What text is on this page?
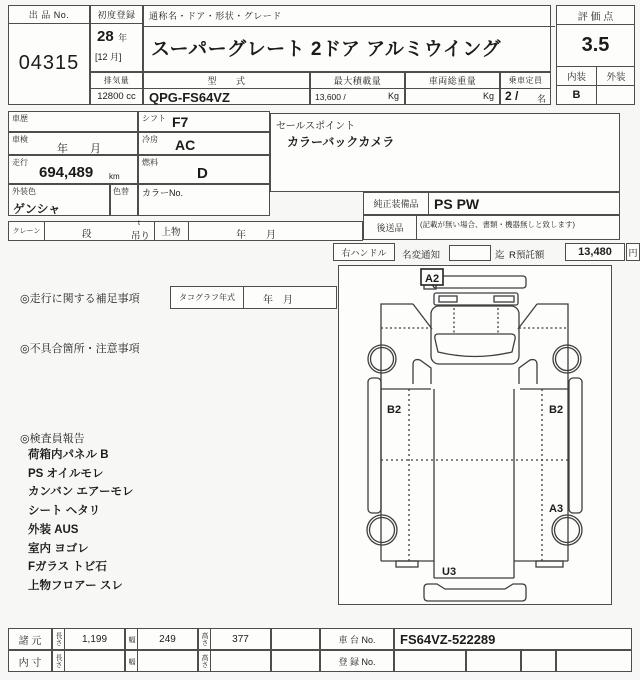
出 品 No.
04315
初度登録
28 年
[12 月]
通称名・ドア・形状・グレード
スーパーグレート 2ドア アルミウイング
排気量
12800 cc
型　　式
QPG-FS64VZ
最大積載量
13,600 /	Kg
車両総重量
Kg
乗車定員
2 / 名
評 価 点
3.5
内装	外装
B
車歴	シフト F7
車検
年　　月
冷房 AC
走行
694,489 km
燃料
D
外装色
ゲンシャ
色替 カラーNo.
クレーン	段
t
吊り	上物	年　　月
セールスポイント
カラーバックカメラ
純正装備品	PS PW
後送品	(記載が無い場合、書類・機器無しと致します)
右ハンドル	名変通知	迄 R預託額	13,480	円
◎走行に関する補足事項	タコグラフ年式	年　月
◎不具合箇所・注意事項
◎検査員報告
荷箱内パネル B
PS オイルモレ
カンバン エアーモレ
シート ヘタリ
外装 AUS
室内 ヨゴレ
Fガラス トビ石
上物フロアー スレ
A2
B2	B2
A3
U3
諸 元	長さ	1,199	幅	249	高さ	377	車 台 No.	FS64VZ-522289
内 寸	長さ	幅	高さ	登 録 No.
